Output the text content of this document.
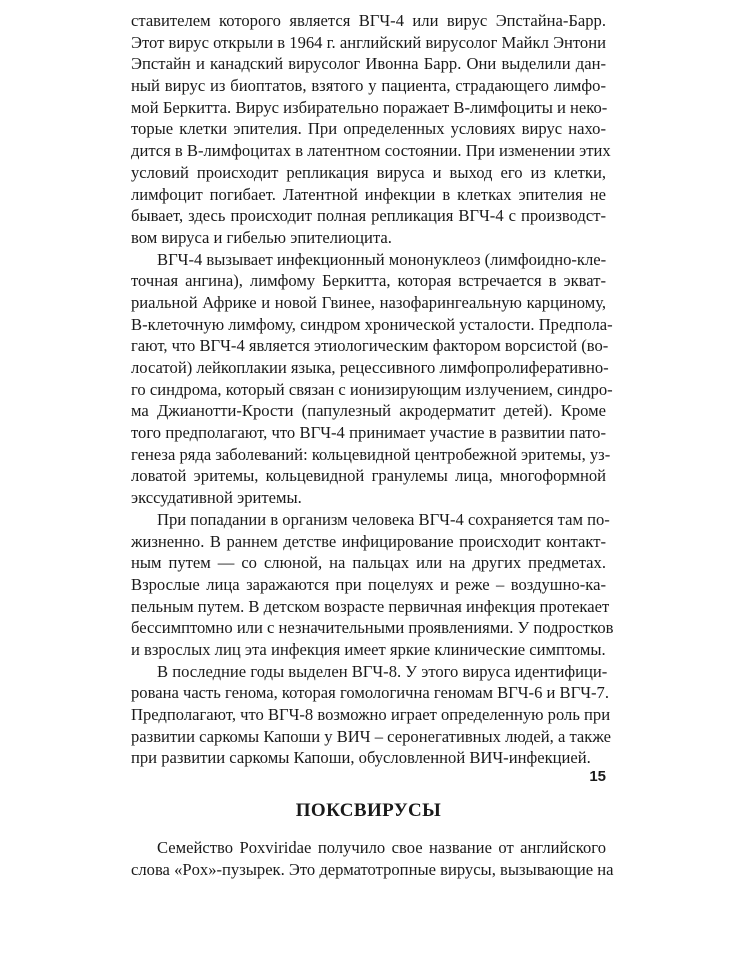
ставителем которого является ВГЧ-4 или вирус Эпстайна-Барр.
Этот вирус открыли в 1964 г. английский вирусолог Майкл Энтони
Эпстайн и канадский вирусолог Ивонна Барр. Они выделили дан-
ный вирус из биоптатов, взятого у пациента, страдающего лимфо-
мой Беркитта. Вирус избирательно поражает В-лимфоциты и неко-
торые клетки эпителия. При определенных условиях вирус нахо-
дится в В-лимфоцитах в латентном состоянии. При изменении этих
условий происходит репликация вируса и выход его из клетки,
лимфоцит погибает. Латентной инфекции в клетках эпителия не
бывает, здесь происходит полная репликация ВГЧ-4 с производст-
вом вируса и гибелью эпителиоцита.
ВГЧ-4 вызывает инфекционный мононуклеоз (лимфоидно-кле-
точная ангина), лимфому Беркитта, которая встречается в экват-
риальной Африке и новой Гвинее, назофарингеальную карциному,
В-клеточную лимфому, синдром хронической усталости. Предпола-
гают, что ВГЧ-4 является этиологическим фактором ворсистой (во-
лосатой) лейкоплакии языка, рецессивного лимфопролиферативно-
го синдрома, который связан с ионизирующим излучением, синдро-
ма Джианотти-Крости (папулезный акродерматит детей). Кроме
того предполагают, что ВГЧ-4 принимает участие в развитии пато-
генеза ряда заболеваний: кольцевидной центробежной эритемы, уз-
ловатой эритемы, кольцевидной гранулемы лица, многоформной
экссудативной эритемы.
При попадании в организм человека ВГЧ-4 сохраняется там по-
жизненно. В раннем детстве инфицирование происходит контакт-
ным путем — со слюной, на пальцах или на других предметах.
Взрослые лица заражаются при поцелуях и реже – воздушно-ка-
пельным путем. В детском возрасте первичная инфекция протекает
бессимптомно или с незначительными проявлениями. У подростков
и взрослых лиц эта инфекция имеет яркие клинические симптомы.
В последние годы выделен ВГЧ-8. У этого вируса идентифици-
рована часть генома, которая гомологична геномам ВГЧ-6 и ВГЧ-7.
Предполагают, что ВГЧ-8 возможно играет определенную роль при
развитии саркомы Капоши у ВИЧ – серонегативных людей, а также
при развитии саркомы Капоши, обусловленной ВИЧ-инфекцией.
ПОКСВИРУСЫ
Семейство Poxviridae получило свое название от английского
слова «Pox»-пузырек. Это дерматотропные вирусы, вызывающие на
15
